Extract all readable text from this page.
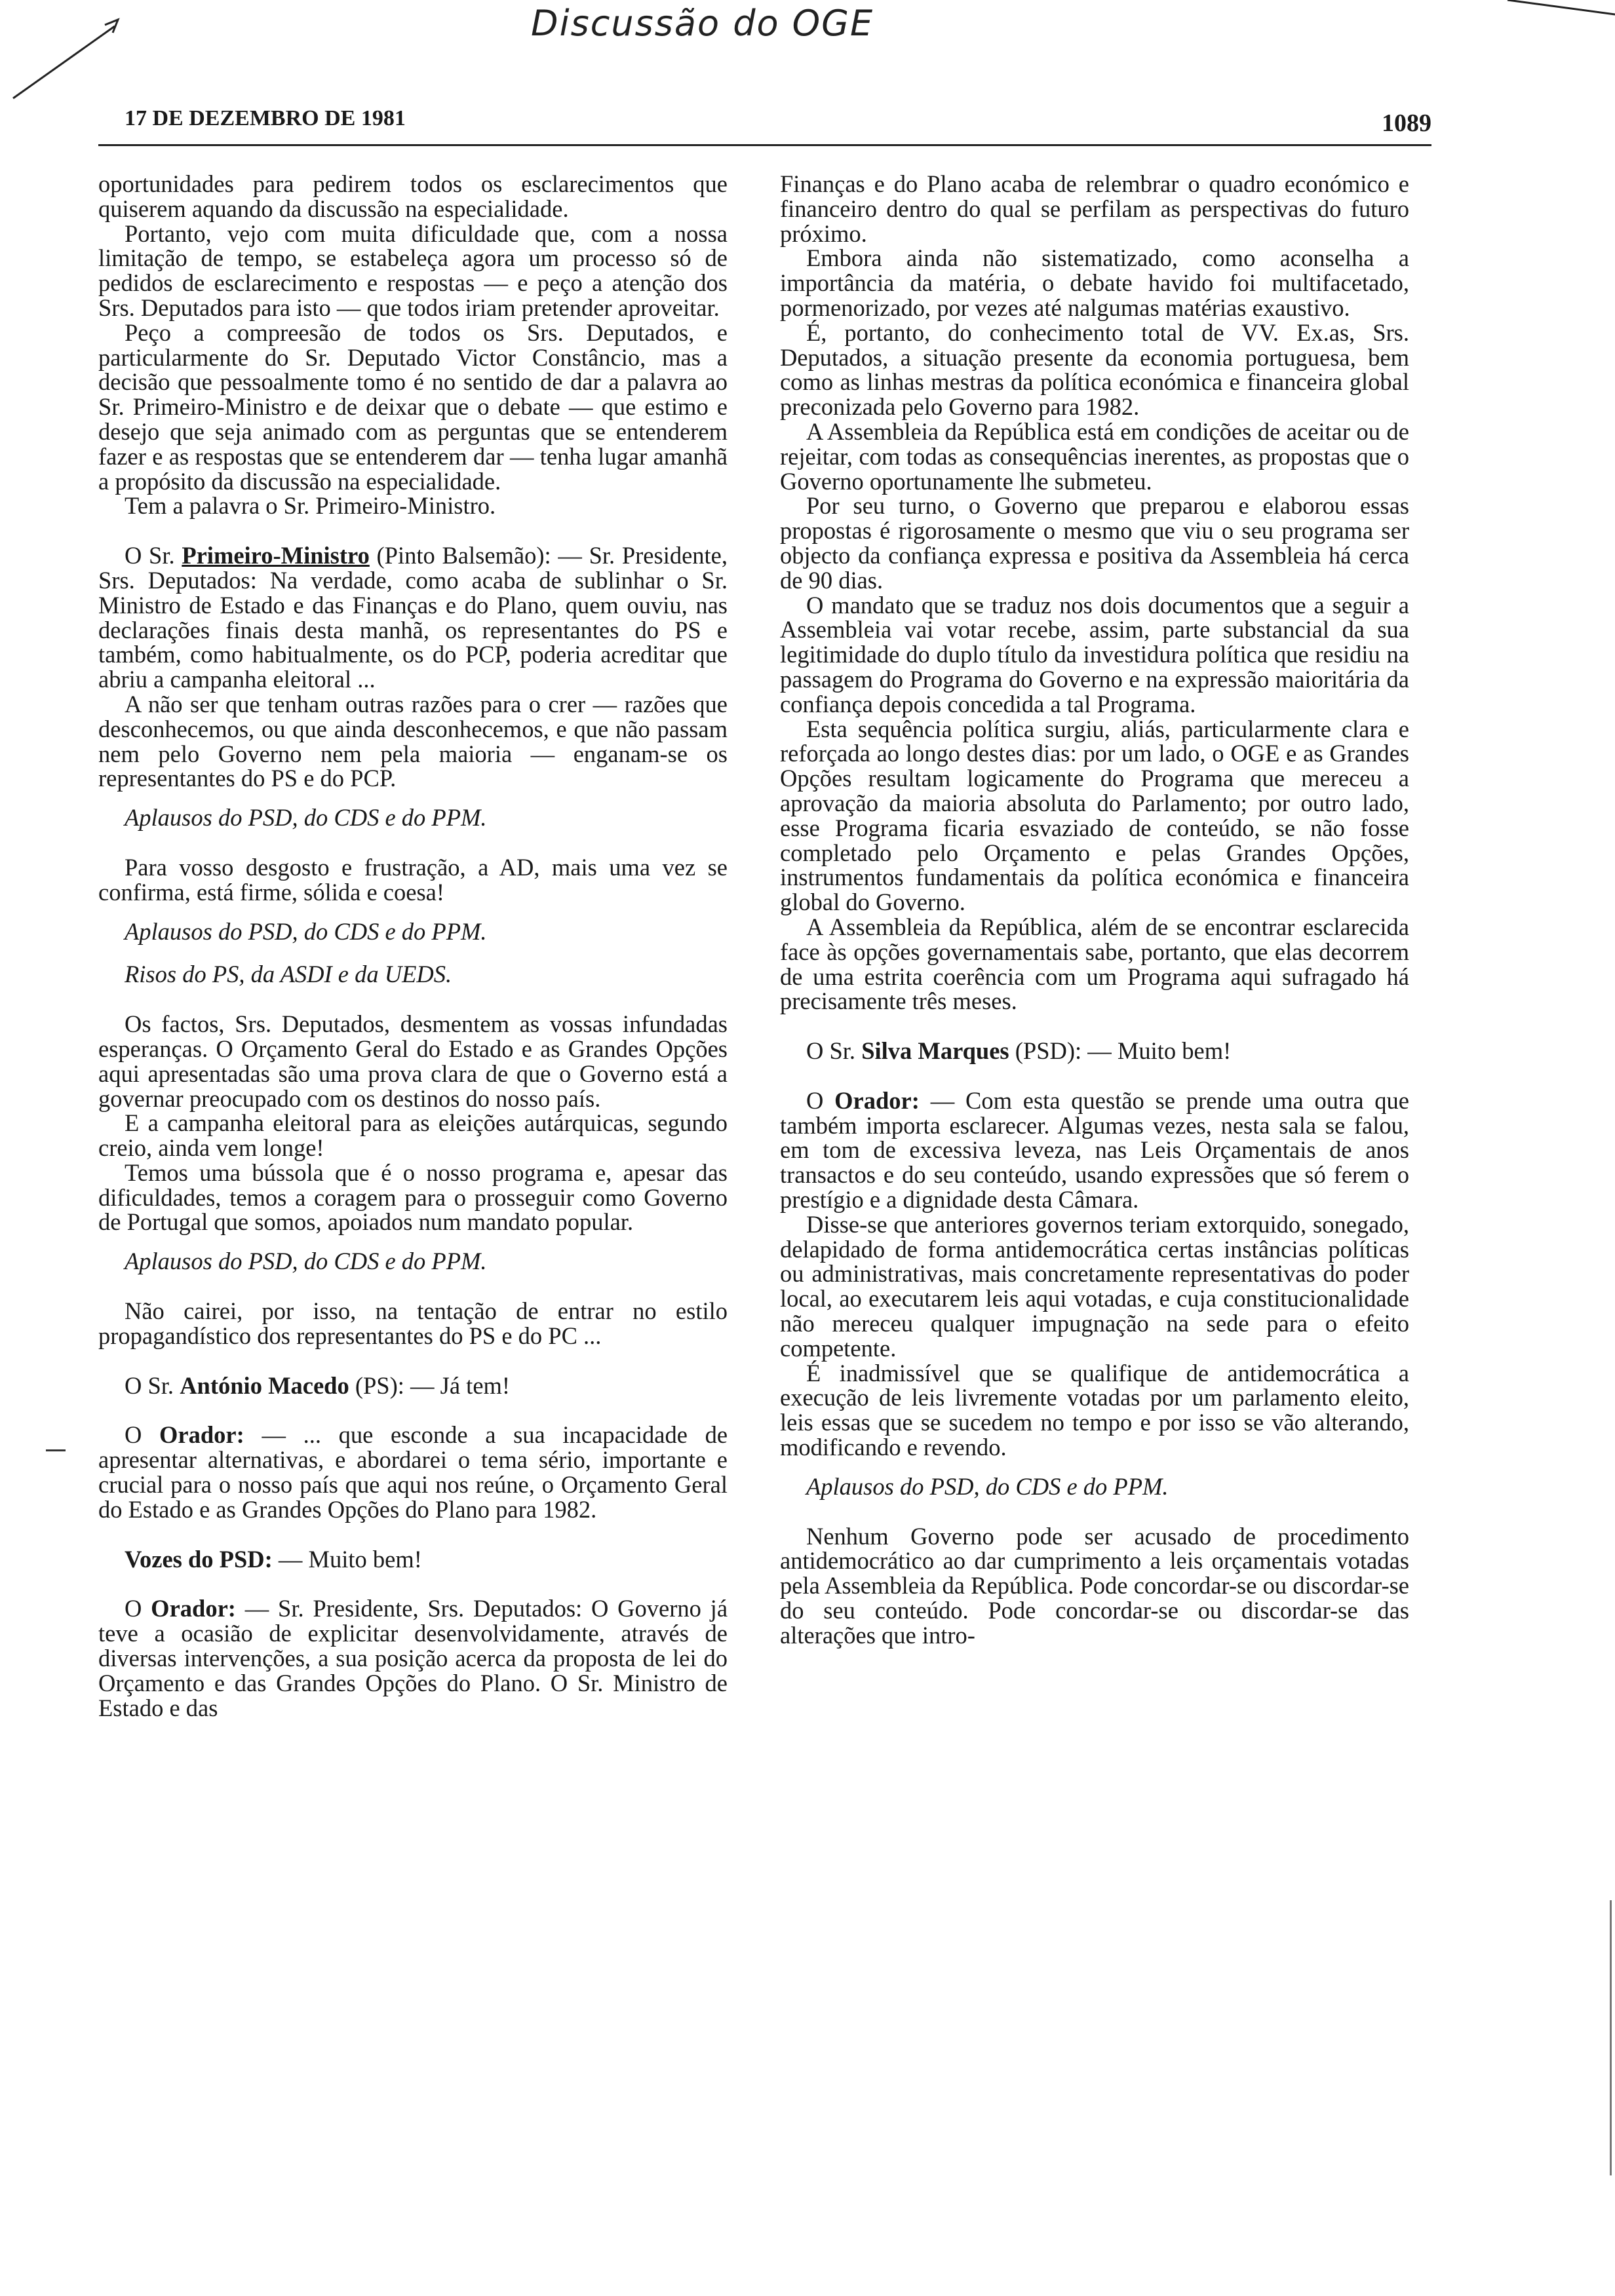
Discussão do OGE
17 DE DEZEMBRO DE 1981	1089

oportunidades para pedirem todos os esclarecimentos que quiserem aquando da discussão na especialidade.

Portanto, vejo com muita dificuldade que, com a nossa limitação de tempo, se estabeleça agora um processo só de pedidos de esclarecimento e respostas — e peço a atenção dos Srs. Deputados para isto — que todos iriam pretender aproveitar.

Peço a compreesão de todos os Srs. Deputados, e particularmente do Sr. Deputado Victor Constâncio, mas a decisão que pessoalmente tomo é no sentido de dar a palavra ao Sr. Primeiro-Ministro e de deixar que o debate — que estimo e desejo que seja animado com as perguntas que se entenderem fazer e as respostas que se entenderem dar — tenha lugar amanhã a propósito da discussão na especialidade.

Tem a palavra o Sr. Primeiro-Ministro.

O Sr. Primeiro-Ministro (Pinto Balsemão): — Sr. Presidente, Srs. Deputados: Na verdade, como acaba de sublinhar o Sr. Ministro de Estado e das Finanças e do Plano, quem ouviu, nas declarações finais desta manhã, os representantes do PS e também, como habitualmente, os do PCP, poderia acreditar que abriu a campanha eleitoral ...

A não ser que tenham outras razões para o crer — razões que desconhecemos, ou que ainda desconhecemos, e que não passam nem pelo Governo nem pela maioria — enganam-se os representantes do PS e do PCP.

Aplausos do PSD, do CDS e do PPM.

Para vosso desgosto e frustração, a AD, mais uma vez se confirma, está firme, sólida e coesa!

Aplausos do PSD, do CDS e do PPM.

Risos do PS, da ASDI e da UEDS.

Os factos, Srs. Deputados, desmentem as vossas infundadas esperanças. O Orçamento Geral do Estado e as Grandes Opções aqui apresentadas são uma prova clara de que o Governo está a governar preocupado com os destinos do nosso país.

E a campanha eleitoral para as eleições autárquicas, segundo creio, ainda vem longe!

Temos uma bússola que é o nosso programa e, apesar das dificuldades, temos a coragem para o prosseguir como Governo de Portugal que somos, apoiados num mandato popular.

Aplausos do PSD, do CDS e do PPM.

Não cairei, por isso, na tentação de entrar no estilo propagandístico dos representantes do PS e do PC ...

O Sr. António Macedo (PS): — Já tem!

O Orador: — ... que esconde a sua incapacidade de apresentar alternativas, e abordarei o tema sério, importante e crucial para o nosso país que aqui nos reúne, o Orçamento Geral do Estado e as Grandes Opções do Plano para 1982.

Vozes do PSD: — Muito bem!

O Orador: — Sr. Presidente, Srs. Deputados: O Governo já teve a ocasião de explicitar desenvolvidamente, através de diversas intervenções, a sua posição acerca da proposta de lei do Orçamento e das Grandes Opções do Plano. O Sr. Ministro de Estado e das

Finanças e do Plano acaba de relembrar o quadro económico e financeiro dentro do qual se perfilam as perspectivas do futuro próximo.

Embora ainda não sistematizado, como aconselha a importância da matéria, o debate havido foi multifacetado, pormenorizado, por vezes até nalgumas matérias exaustivo.

É, portanto, do conhecimento total de VV. Ex.as, Srs. Deputados, a situação presente da economia portuguesa, bem como as linhas mestras da política económica e financeira global preconizada pelo Governo para 1982.

A Assembleia da República está em condições de aceitar ou de rejeitar, com todas as consequências inerentes, as propostas que o Governo oportunamente lhe submeteu.

Por seu turno, o Governo que preparou e elaborou essas propostas é rigorosamente o mesmo que viu o seu programa ser objecto da confiança expressa e positiva da Assembleia há cerca de 90 dias.

O mandato que se traduz nos dois documentos que a seguir a Assembleia vai votar recebe, assim, parte substancial da sua legitimidade do duplo título da investidura política que residiu na passagem do Programa do Governo e na expressão maioritária da confiança depois concedida a tal Programa.

Esta sequência política surgiu, aliás, particularmente clara e reforçada ao longo destes dias: por um lado, o OGE e as Grandes Opções resultam logicamente do Programa que mereceu a aprovação da maioria absoluta do Parlamento; por outro lado, esse Programa ficaria esvaziado de conteúdo, se não fosse completado pelo Orçamento e pelas Grandes Opções, instrumentos fundamentais da política económica e financeira global do Governo.

A Assembleia da República, além de se encontrar esclarecida face às opções governamentais sabe, portanto, que elas decorrem de uma estrita coerência com um Programa aqui sufragado há precisamente três meses.

O Sr. Silva Marques (PSD): — Muito bem!

O Orador: — Com esta questão se prende uma outra que também importa esclarecer. Algumas vezes, nesta sala se falou, em tom de excessiva leveza, nas Leis Orçamentais de anos transactos e do seu conteúdo, usando expressões que só ferem o prestígio e a dignidade desta Câmara.

Disse-se que anteriores governos teriam extorquido, sonegado, delapidado de forma antidemocrática certas instâncias políticas ou administrativas, mais concretamente representativas do poder local, ao executarem leis aqui votadas, e cuja constitucionalidade não mereceu qualquer impugnação na sede para o efeito competente.

É inadmissível que se qualifique de antidemocrática a execução de leis livremente votadas por um parlamento eleito, leis essas que se sucedem no tempo e por isso se vão alterando, modificando e revendo.

Aplausos do PSD, do CDS e do PPM.

Nenhum Governo pode ser acusado de procedimento antidemocrático ao dar cumprimento a leis orçamentais votadas pela Assembleia da República. Pode concordar-se ou discordar-se do seu conteúdo. Pode concordar-se ou discordar-se das alterações que intro-
